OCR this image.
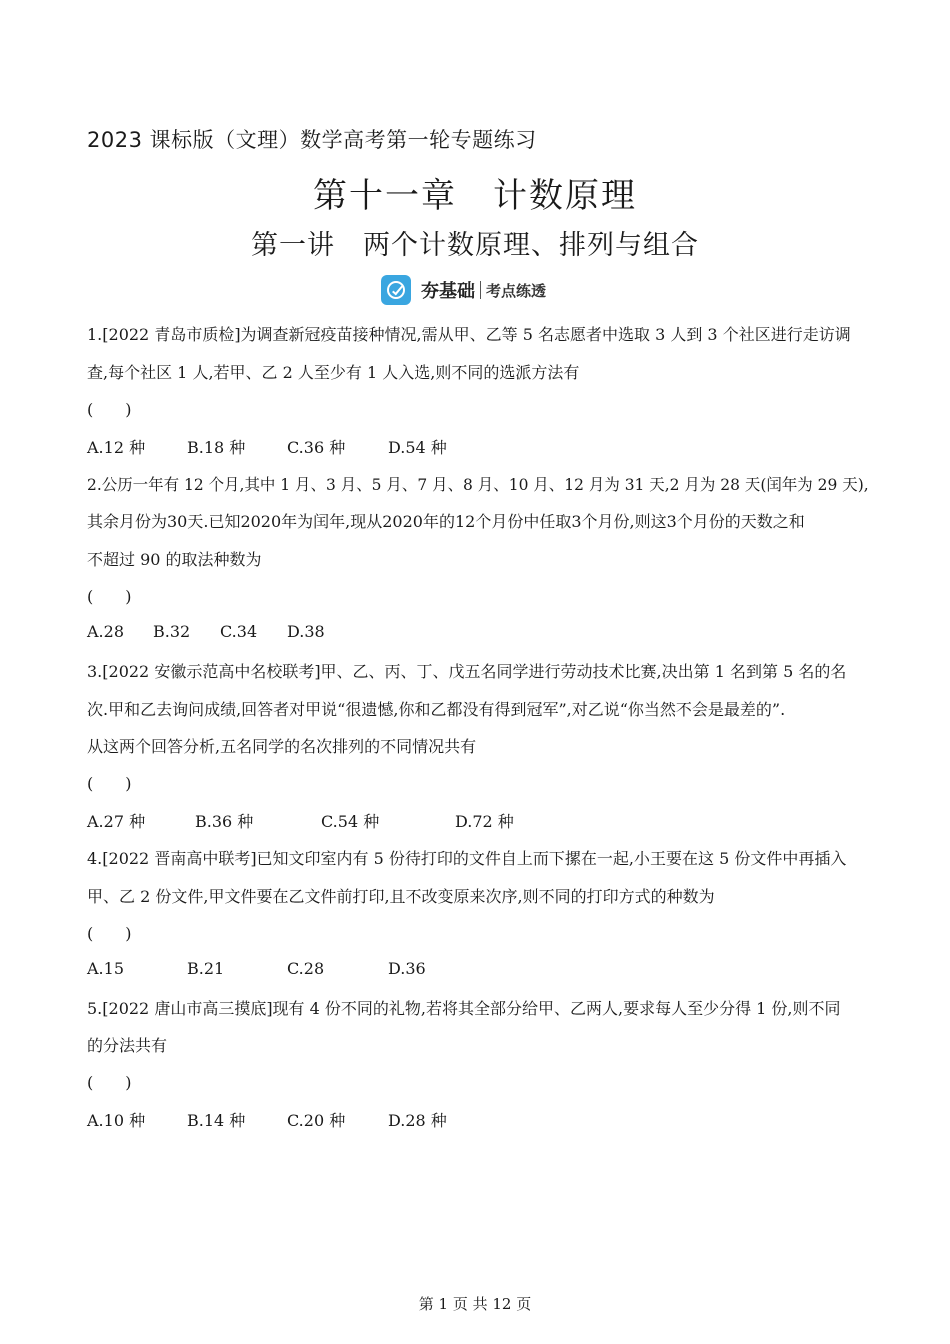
2023 课标版（文理）数学高考第一轮专题练习
第十一章　计数原理
第一讲　两个计数原理、排列与组合
夯基础 考点练透
1.[2022 青岛市质检]为调查新冠疫苗接种情况,需从甲、乙等 5 名志愿者中选取 3 人到 3 个社区进行走访调
查,每个社区 1 人,若甲、乙 2 人至少有 1 人入选,则不同的选派方法有
(　　)
A.12 种	B.18 种	C.36 种	D.54 种
2.公历一年有 12 个月,其中 1 月、3 月、5 月、7 月、8 月、10 月、12 月为 31 天,2 月为 28 天(闰年为 29 天),
其余月份为30天.已知2020年为闰年,现从2020年的12个月份中任取3个月份,则这3个月份的天数之和
不超过 90 的取法种数为
(　　)
A.28 B.32 C.34 D.38
3.[2022 安徽示范高中名校联考]甲、乙、丙、丁、戊五名同学进行劳动技术比赛,决出第 1 名到第 5 名的名
次.甲和乙去询问成绩,回答者对甲说“很遗憾,你和乙都没有得到冠军”,对乙说“你当然不会是最差的”.
从这两个回答分析,五名同学的名次排列的不同情况共有
(　　)
A.27 种	B.36 种	C.54 种	D.72 种
4.[2022 晋南高中联考]已知文印室内有 5 份待打印的文件自上而下摞在一起,小王要在这 5 份文件中再插入
甲、乙 2 份文件,甲文件要在乙文件前打印,且不改变原来次序,则不同的打印方式的种数为
(　　)
A.15	B.21	C.28	D.36
5.[2022 唐山市高三摸底]现有 4 份不同的礼物,若将其全部分给甲、乙两人,要求每人至少分得 1 份,则不同
的分法共有
(　　)
A.10 种	B.14 种	C.20 种	D.28 种
第 1 页 共 12 页
